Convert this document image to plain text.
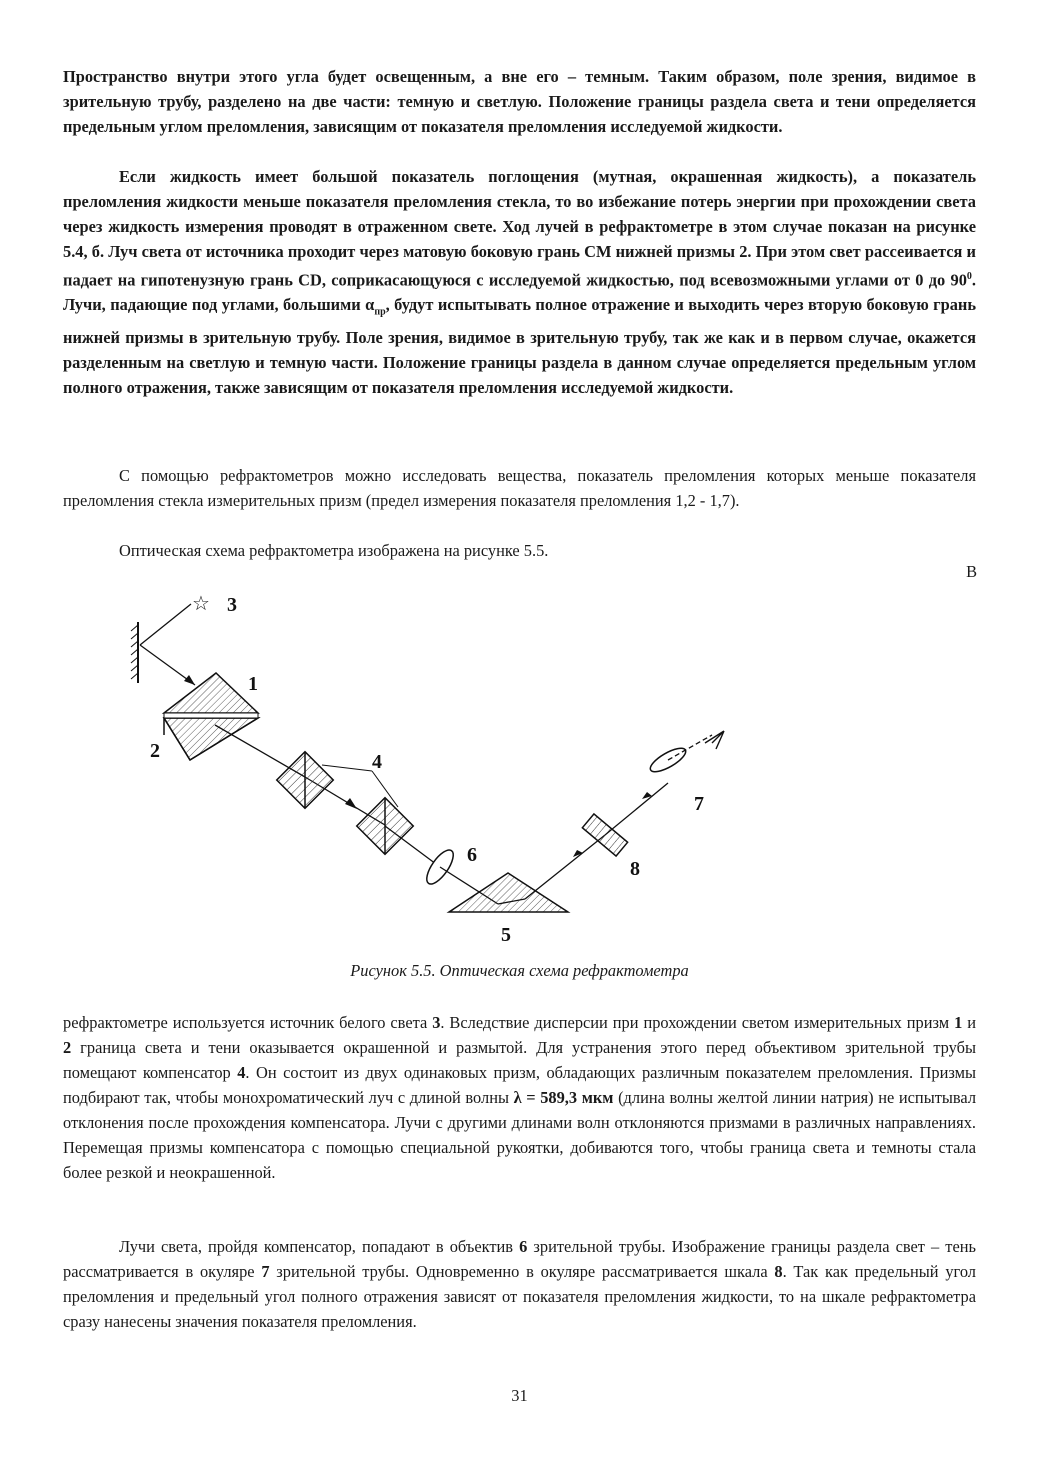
Пространство внутри этого угла будет освещенным, а вне его – темным. Таким образом, поле зрения, видимое в зрительную трубу, разделено на две части: темную и светлую. Положение границы раздела света и тени определяется предельным углом преломления, зависящим от показателя преломления исследуемой жидкости.

Если жидкость имеет большой показатель поглощения (мутная, окрашенная жидкость), а показатель преломления жидкости меньше показателя преломления стекла, то во избежание потерь энергии при прохождении света через жидкость измерения проводят в отраженном свете. Ход лучей в рефрактометре в этом случае показан на рисунке 5.4, б. Луч света от источника проходит через матовую боковую грань СМ нижней призмы 2. При этом свет рассеивается и падает на гипотенузную грань CD, соприкасающуюся с исследуемой жидкостью, под всевозможными углами от 0 до $90^0$. Лучи, падающие под углами, большими $\alpha_{пр}$, будут испытывать полное отражение и выходить через вторую боковую грань нижней призмы в зрительную трубу. Поле зрения, видимое в зрительную трубу, так же как и в первом случае, окажется разделенным на светлую и темную части. Положение границы раздела в данном случае определяется предельным углом полного отражения, также зависящим от показателя преломления исследуемой жидкости.

С помощью рефрактометров можно исследовать вещества, показатель преломления которых меньше показателя преломления стекла измерительных призм (предел измерения показателя преломления 1,2 - 1,7).

Оптическая схема рефрактометра изображена на рисунке 5.5.

В
☆ 3
1
2	4
6
5
8
7
Рисунок 5.5. Оптическая схема рефрактометра

рефрактометре используется источник белого света 3. Вследствие дисперсии при прохождении светом измерительных призм 1 и 2 граница света и тени оказывается окрашенной и размытой. Для устранения этого перед объективом зрительной трубы помещают компенсатор 4. Он состоит из двух одинаковых призм, обладающих различным показателем преломления. Призмы подбирают так, чтобы монохроматический луч с длиной волны λ = 589,3 мкм (длина волны желтой линии натрия) не испытывал отклонения после прохождения компенсатора. Лучи с другими длинами волн отклоняются призмами в различных направлениях. Перемещая призмы компенсатора с помощью специальной рукоятки, добиваются того, чтобы граница света и темноты стала более резкой и неокрашенной.

Лучи света, пройдя компенсатор, попадают в объектив 6 зрительной трубы. Изображение границы раздела свет – тень рассматривается в окуляре 7 зрительной трубы. Одновременно в окуляре рассматривается шкала 8. Так как предельный угол преломления и предельный угол полного отражения зависят от показателя преломления жидкости, то на шкале рефрактометра сразу нанесены значения показателя преломления.

31
